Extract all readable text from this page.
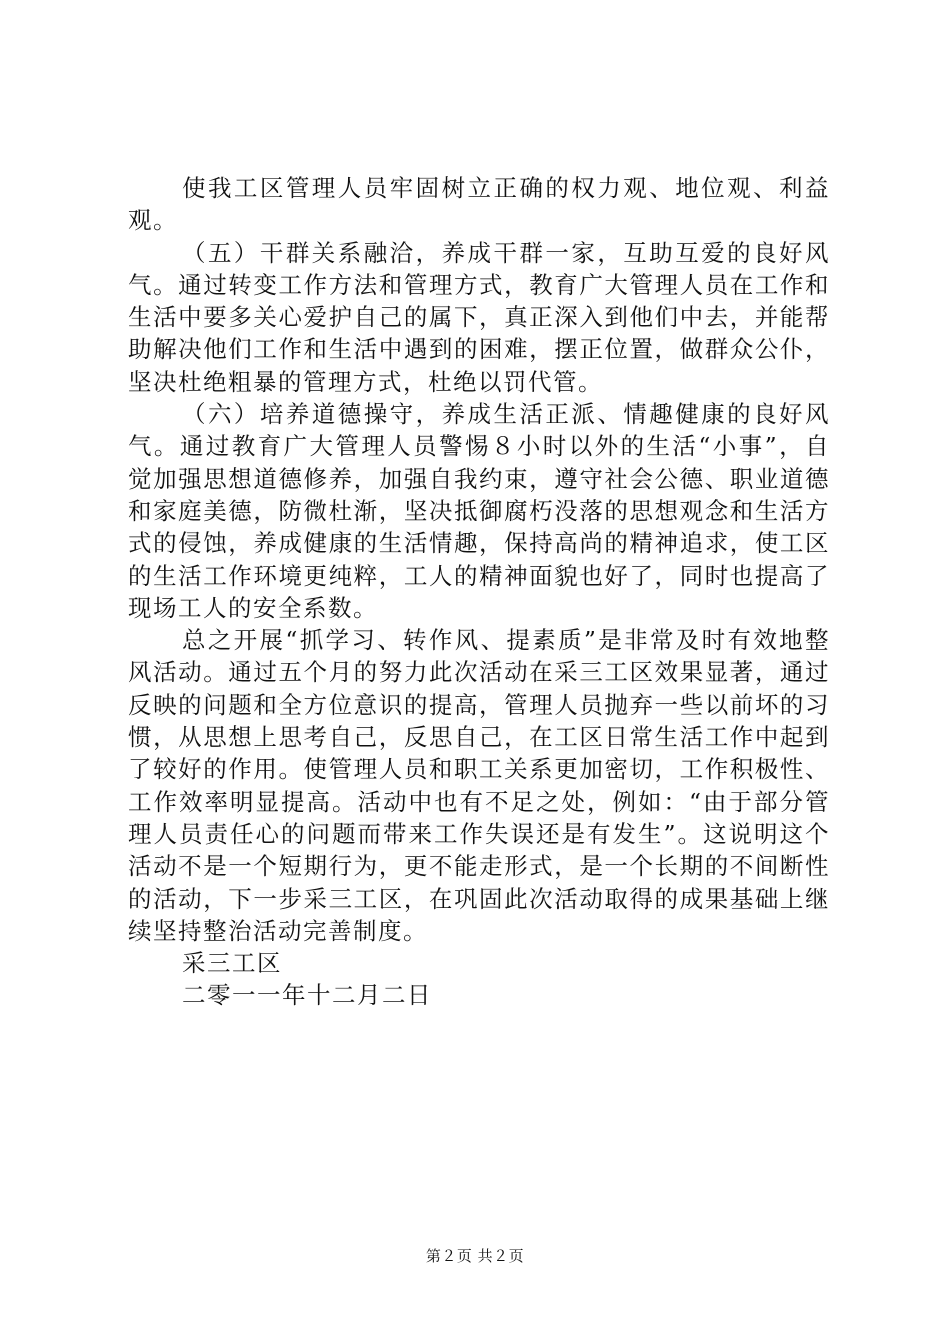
使我工区管理人员牢固树立正确的权力观、地位观、利益观。

（五）干群关系融洽，养成干群一家，互助互爱的良好风气。通过转变工作方法和管理方式，教育广大管理人员在工作和生活中要多关心爱护自己的属下，真正深入到他们中去，并能帮助解决他们工作和生活中遇到的困难，摆正位置，做群众公仆，坚决杜绝粗暴的管理方式，杜绝以罚代管。

（六）培养道德操守，养成生活正派、情趣健康的良好风气。通过教育广大管理人员警惕８小时以外的生活“小事”，自觉加强思想道德修养，加强自我约束，遵守社会公德、职业道德和家庭美德，防微杜渐，坚决抵御腐朽没落的思想观念和生活方式的侵蚀，养成健康的生活情趣，保持高尚的精神追求，使工区的生活工作环境更纯粹，工人的精神面貌也好了，同时也提高了现场工人的安全系数。

总之开展“抓学习、转作风、提素质”是非常及时有效地整风活动。通过五个月的努力此次活动在采三工区效果显著，通过反映的问题和全方位意识的提高，管理人员抛弃一些以前坏的习惯，从思想上思考自己，反思自己，在工区日常生活工作中起到了较好的作用。使管理人员和职工关系更加密切，工作积极性、工作效率明显提高。活动中也有不足之处，例如：“由于部分管理人员责任心的问题而带来工作失误还是有发生”。这说明这个活动不是一个短期行为，更不能走形式，是一个长期的不间断性的活动，下一步采三工区，在巩固此次活动取得的成果基础上继续坚持整治活动完善制度。

采三工区

二零一一年十二月二日

第２页 共２页
